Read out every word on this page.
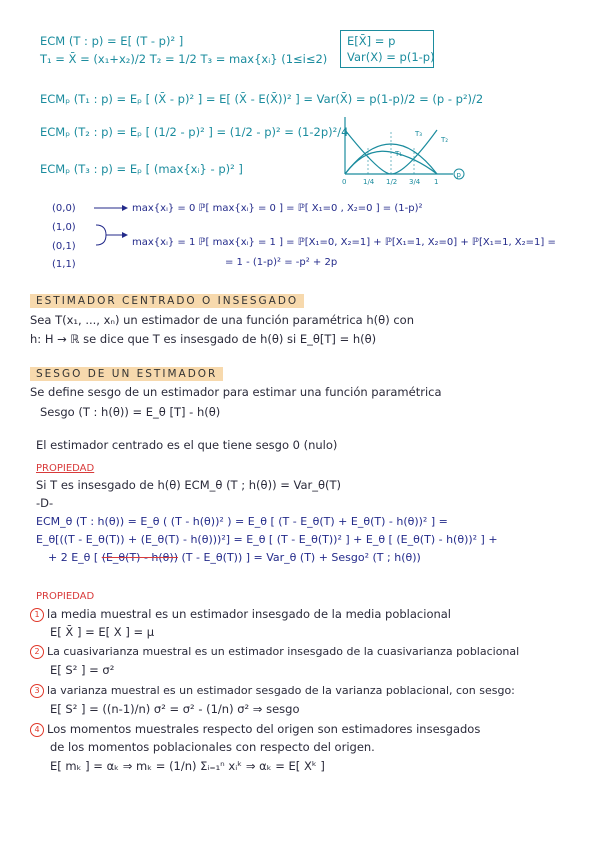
ECM (T : p) = E[ (T - p)² ]
T₁ = X̄ = (x₁+x₂)/2 T₂ = 1/2 T₃ = max{xᵢ} (1≤i≤2)
E[X̄] = p
Var(X) = p(1-p)
ECMₚ (T₁ : p) = Eₚ [ (X̄ - p)² ] = E[ (X̄ - E(X̄))² ] = Var(X̄) = p(1-p)/2 = (p - p²)/2
ECMₚ (T₂ : p) = Eₚ [ (1/2 - p)² ] = (1/2 - p)² = (1-2p)²/4
ECMₚ (T₃ : p) = Eₚ [ (max{xᵢ} - p)² ]
0 1/4 1/2 3/4 1
T₃
T₁
T₂
p
(0,0)
(1,0)
(0,1)
(1,1)
max{xᵢ} = 0 ℙ[ max{xᵢ} = 0 ] = ℙ[ X₁=0 , X₂=0 ] = (1-p)²
max{xᵢ} = 1 ℙ[ max{xᵢ} = 1 ] = ℙ[X₁=0, X₂=1] + ℙ[X₁=1, X₂=0] + ℙ[X₁=1, X₂=1] =
= 1 - (1-p)² = -p² + 2p
ESTIMADOR CENTRADO O INSESGADO
Sea T(x₁, ..., xₙ) un estimador de una función paramétrica h(θ) con
h: H → ℝ se dice que T es insesgado de h(θ) si E_θ[T] = h(θ)
SESGO DE UN ESTIMADOR
Se define sesgo de un estimador para estimar una función paramétrica
Sesgo (T : h(θ)) = E_θ [T] - h(θ)
El estimador centrado es el que tiene sesgo 0 (nulo)
PROPIEDAD
Si T es insesgado de h(θ) ECM_θ (T ; h(θ)) = Var_θ(T)
-D-
ECM_θ (T : h(θ)) = E_θ ( (T - h(θ))² ) = E_θ [ (T - E_θ(T) + E_θ(T) - h(θ))² ] =
E_θ[((T - E_θ(T)) + (E_θ(T) - h(θ)))²] = E_θ [ (T - E_θ(T))² ] + E_θ [ (E_θ(T) - h(θ))² ] +
+ 2 E_θ [ (E_θ(T) - h(θ)) (T - E_θ(T)) ] = Var_θ (T) + Sesgo² (T ; h(θ))
PROPIEDAD
1 la media muestral es un estimador insesgado de la media poblacional
E[ X̄ ] = E[ X ] = μ
2 La cuasivarianza muestral es un estimador insesgado de la cuasivarianza poblacional
E[ S² ] = σ²
3 la varianza muestral es un estimador sesgado de la varianza poblacional, con sesgo:
E[ S² ] = ((n-1)/n) σ² = σ² - (1/n) σ² ⇒ sesgo
4 Los momentos muestrales respecto del origen son estimadores insesgados
de los momentos poblacionales con respecto del origen.
E[ mₖ ] = αₖ ⇒ mₖ = (1/n) Σᵢ₌₁ⁿ xᵢᵏ ⇒ αₖ = E[ Xᵏ ]
